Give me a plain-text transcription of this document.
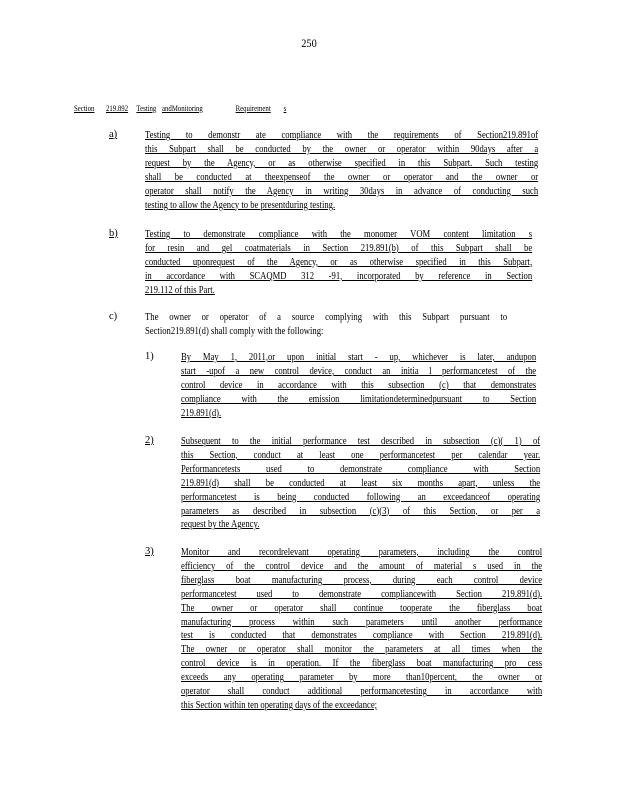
250
Section 219.892 Testing andMonitoring	Requirement s
a)	Testing to demonstr ate compliance with the requirements of Section219.891of
this Subpart shall be conducted by the owner or operator within 90days after a
request by the Agency, or as otherwise specified in this Subpart. Such testing
shall be conducted at theexpenseof the owner or operator and the owner or
operator shall notify the Agency in writing 30days in advance of conducting such
testing to allow the Agency to be presentduring testing.
b)	Testing to demonstrate compliance with the monomer VOM content limitation s
for resin and gel coatmaterials in Section 219.891(b) of this Subpart shall be
conducted uponrequest of the Agency, or as otherwise specified in this Subpart,
in accordance with SCAQMD 312 -91, incorporated by reference in Section
219.112 of this Part.
c)	The owner or operator of a source complying with this Subpart pursuant to
Section219.891(d) shall comply with the following:
1)	By May 1, 2011,or upon initial start - up, whichever is later, andupon
start -upof a new control device, conduct an initia l performancetest of the
control device in accordance with this subsection (c) that demonstrates
compliance with the emission limitationdeterminedpursuant to Section
219.891(d).
2)	Subsequent to the initial performance test described in subsection (c)( 1) of
this Section, conduct at least one performancetest per calendar year.
Performancetests used to demonstrate compliance with Section
219.891(d) shall be conducted at least six months apart, unless the
performancetest is being conducted following an exceedanceof operating
parameters as described in subsection (c)(3) of this Section, or per a
request by the Agency.
3)	Monitor and recordrelevant operating parameters, including the control
efficiency of the control device and the amount of material s used in the
fiberglass boat manufacturing process, during each control device
performancetest used to demonstrate compliancewith Section 219.891(d).
The owner or operator shall continue tooperate the fiberglass boat
manufacturing process within such parameters until another performance
test is conducted that demonstrates compliance with Section 219.891(d).
The owner or operator shall monitor the parameters at all times when the
control device is in operation. If the fiberglass boat manufacturing pro cess
exceeds any operating parameter by more than10percent, the owner or
operator shall conduct additional performancetesting in accordance with
this Section within ten operating days of the exceedance;
